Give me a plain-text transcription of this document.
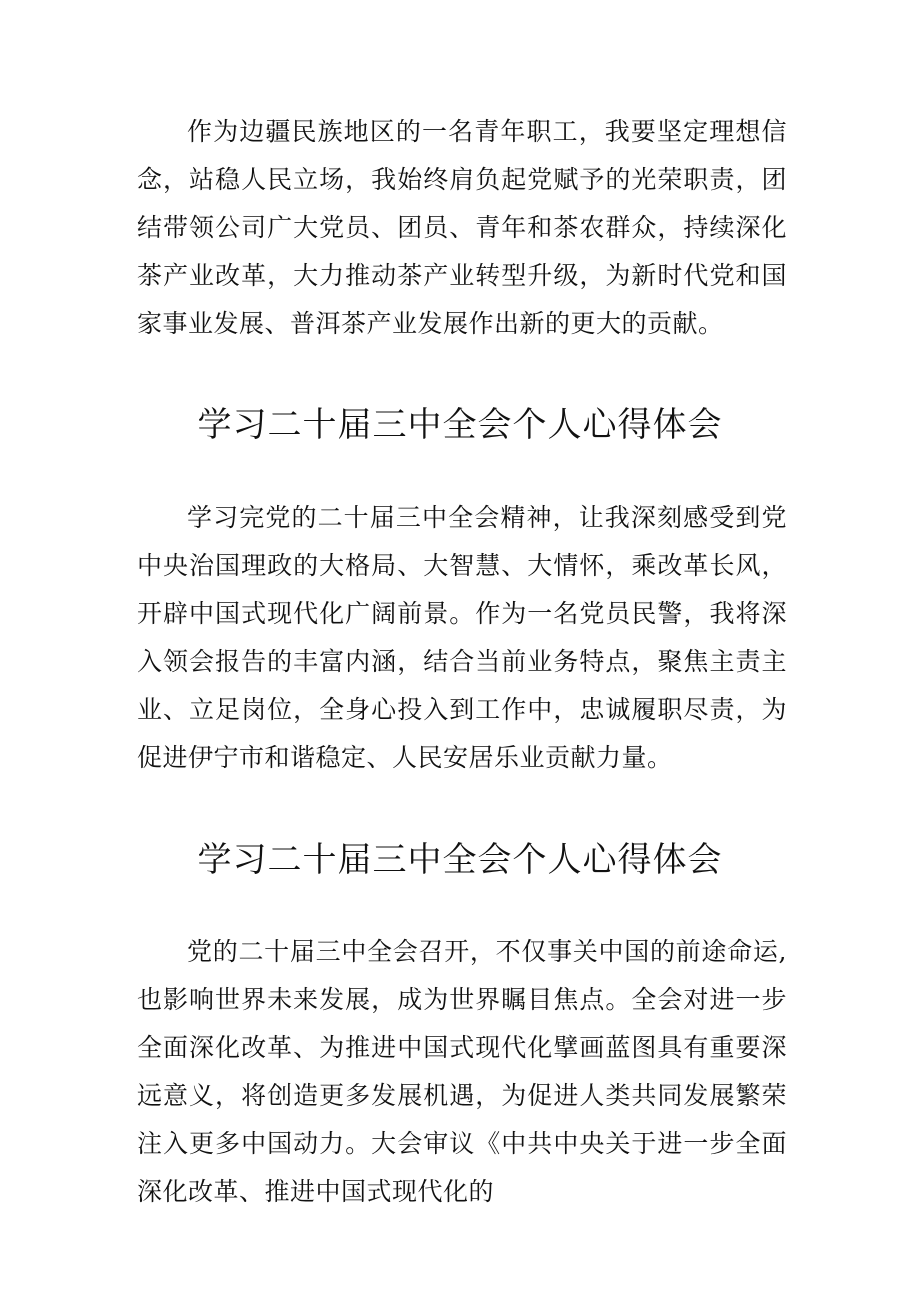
作为边疆民族地区的一名青年职工，我要坚定理想信念，站稳人民立场，我始终肩负起党赋予的光荣职责，团结带领公司广大党员、团员、青年和茶农群众，持续深化茶产业改革，大力推动茶产业转型升级，为新时代党和国家事业发展、普洱茶产业发展作出新的更大的贡献。

学习二十届三中全会个人心得体会

学习完党的二十届三中全会精神，让我深刻感受到党中央治国理政的大格局、大智慧、大情怀，乘改革长风，开辟中国式现代化广阔前景。作为一名党员民警，我将深入领会报告的丰富内涵，结合当前业务特点，聚焦主责主业、立足岗位，全身心投入到工作中，忠诚履职尽责，为促进伊宁市和谐稳定、人民安居乐业贡献力量。

学习二十届三中全会个人心得体会

党的二十届三中全会召开，不仅事关中国的前途命运,也影响世界未来发展，成为世界瞩目焦点。全会对进一步全面深化改革、为推进中国式现代化擘画蓝图具有重要深远意义，将创造更多发展机遇，为促进人类共同发展繁荣注入更多中国动力。大会审议《中共中央关于进一步全面深化改革、推进中国式现代化的
